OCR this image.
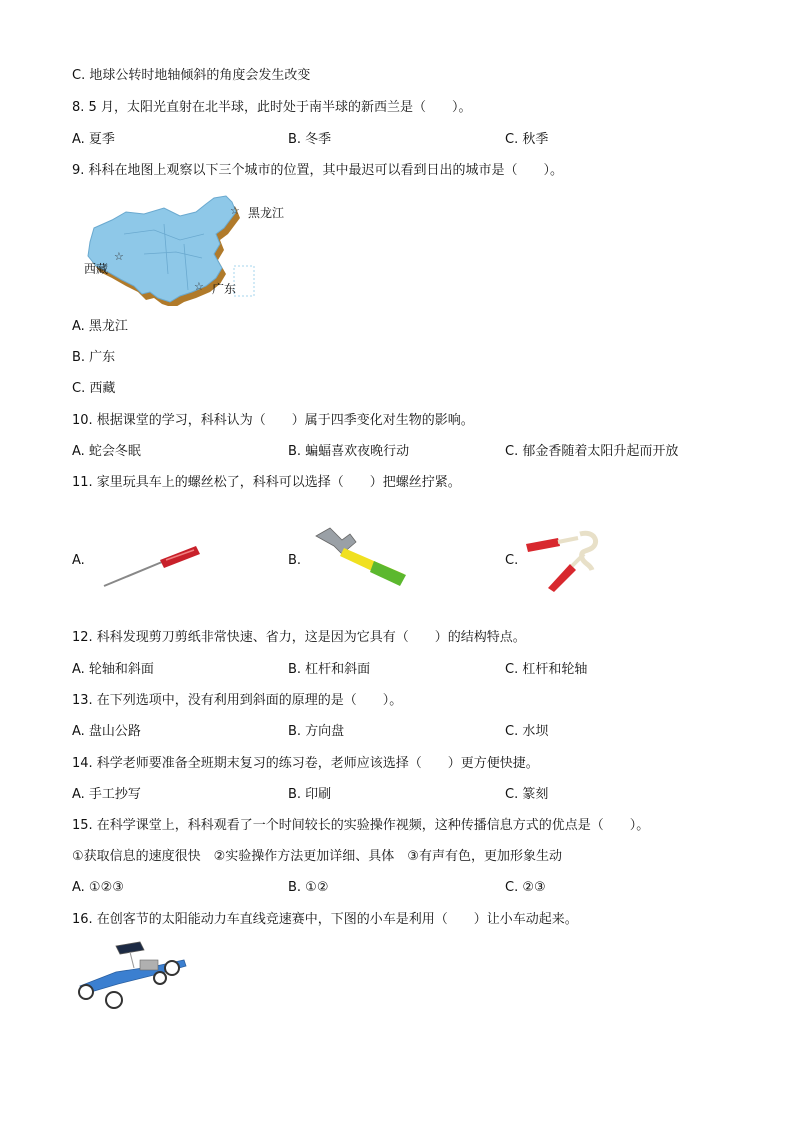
C. 地球公转时地轴倾斜的角度会发生改变
8. 5 月，太阳光直射在北半球，此时处于南半球的新西兰是（　　）。
A. 夏季	B. 冬季	C. 秋季
9. 科科在地图上观察以下三个城市的位置，其中最迟可以看到日出的城市是（　　）。
☆
☆
☆
黑龙江
西藏
广东
A. 黑龙江
B. 广东
C. 西藏
10. 根据课堂的学习，科科认为（　　）属于四季变化对生物的影响。
A. 蛇会冬眠	B. 蝙蝠喜欢夜晚行动	C. 郁金香随着太阳升起而开放
11. 家里玩具车上的螺丝松了，科科可以选择（　　）把螺丝拧紧。
A.	B.	C.
12. 科科发现剪刀剪纸非常快速、省力，这是因为它具有（　　）的结构特点。
A. 轮轴和斜面	B. 杠杆和斜面	C. 杠杆和轮轴
13. 在下列选项中，没有利用到斜面的原理的是（　　）。
A. 盘山公路	B. 方向盘	C. 水坝
14. 科学老师要准备全班期末复习的练习卷，老师应该选择（　　）更方便快捷。
A. 手工抄写	B. 印刷	C. 篆刻
15. 在科学课堂上，科科观看了一个时间较长的实验操作视频，这种传播信息方式的优点是（　　）。
①获取信息的速度很快　②实验操作方法更加详细、具体　③有声有色，更加形象生动
A. ①②③	B. ①②	C. ②③
16. 在创客节的太阳能动力车直线竞速赛中，下图的小车是利用（　　）让小车动起来。
